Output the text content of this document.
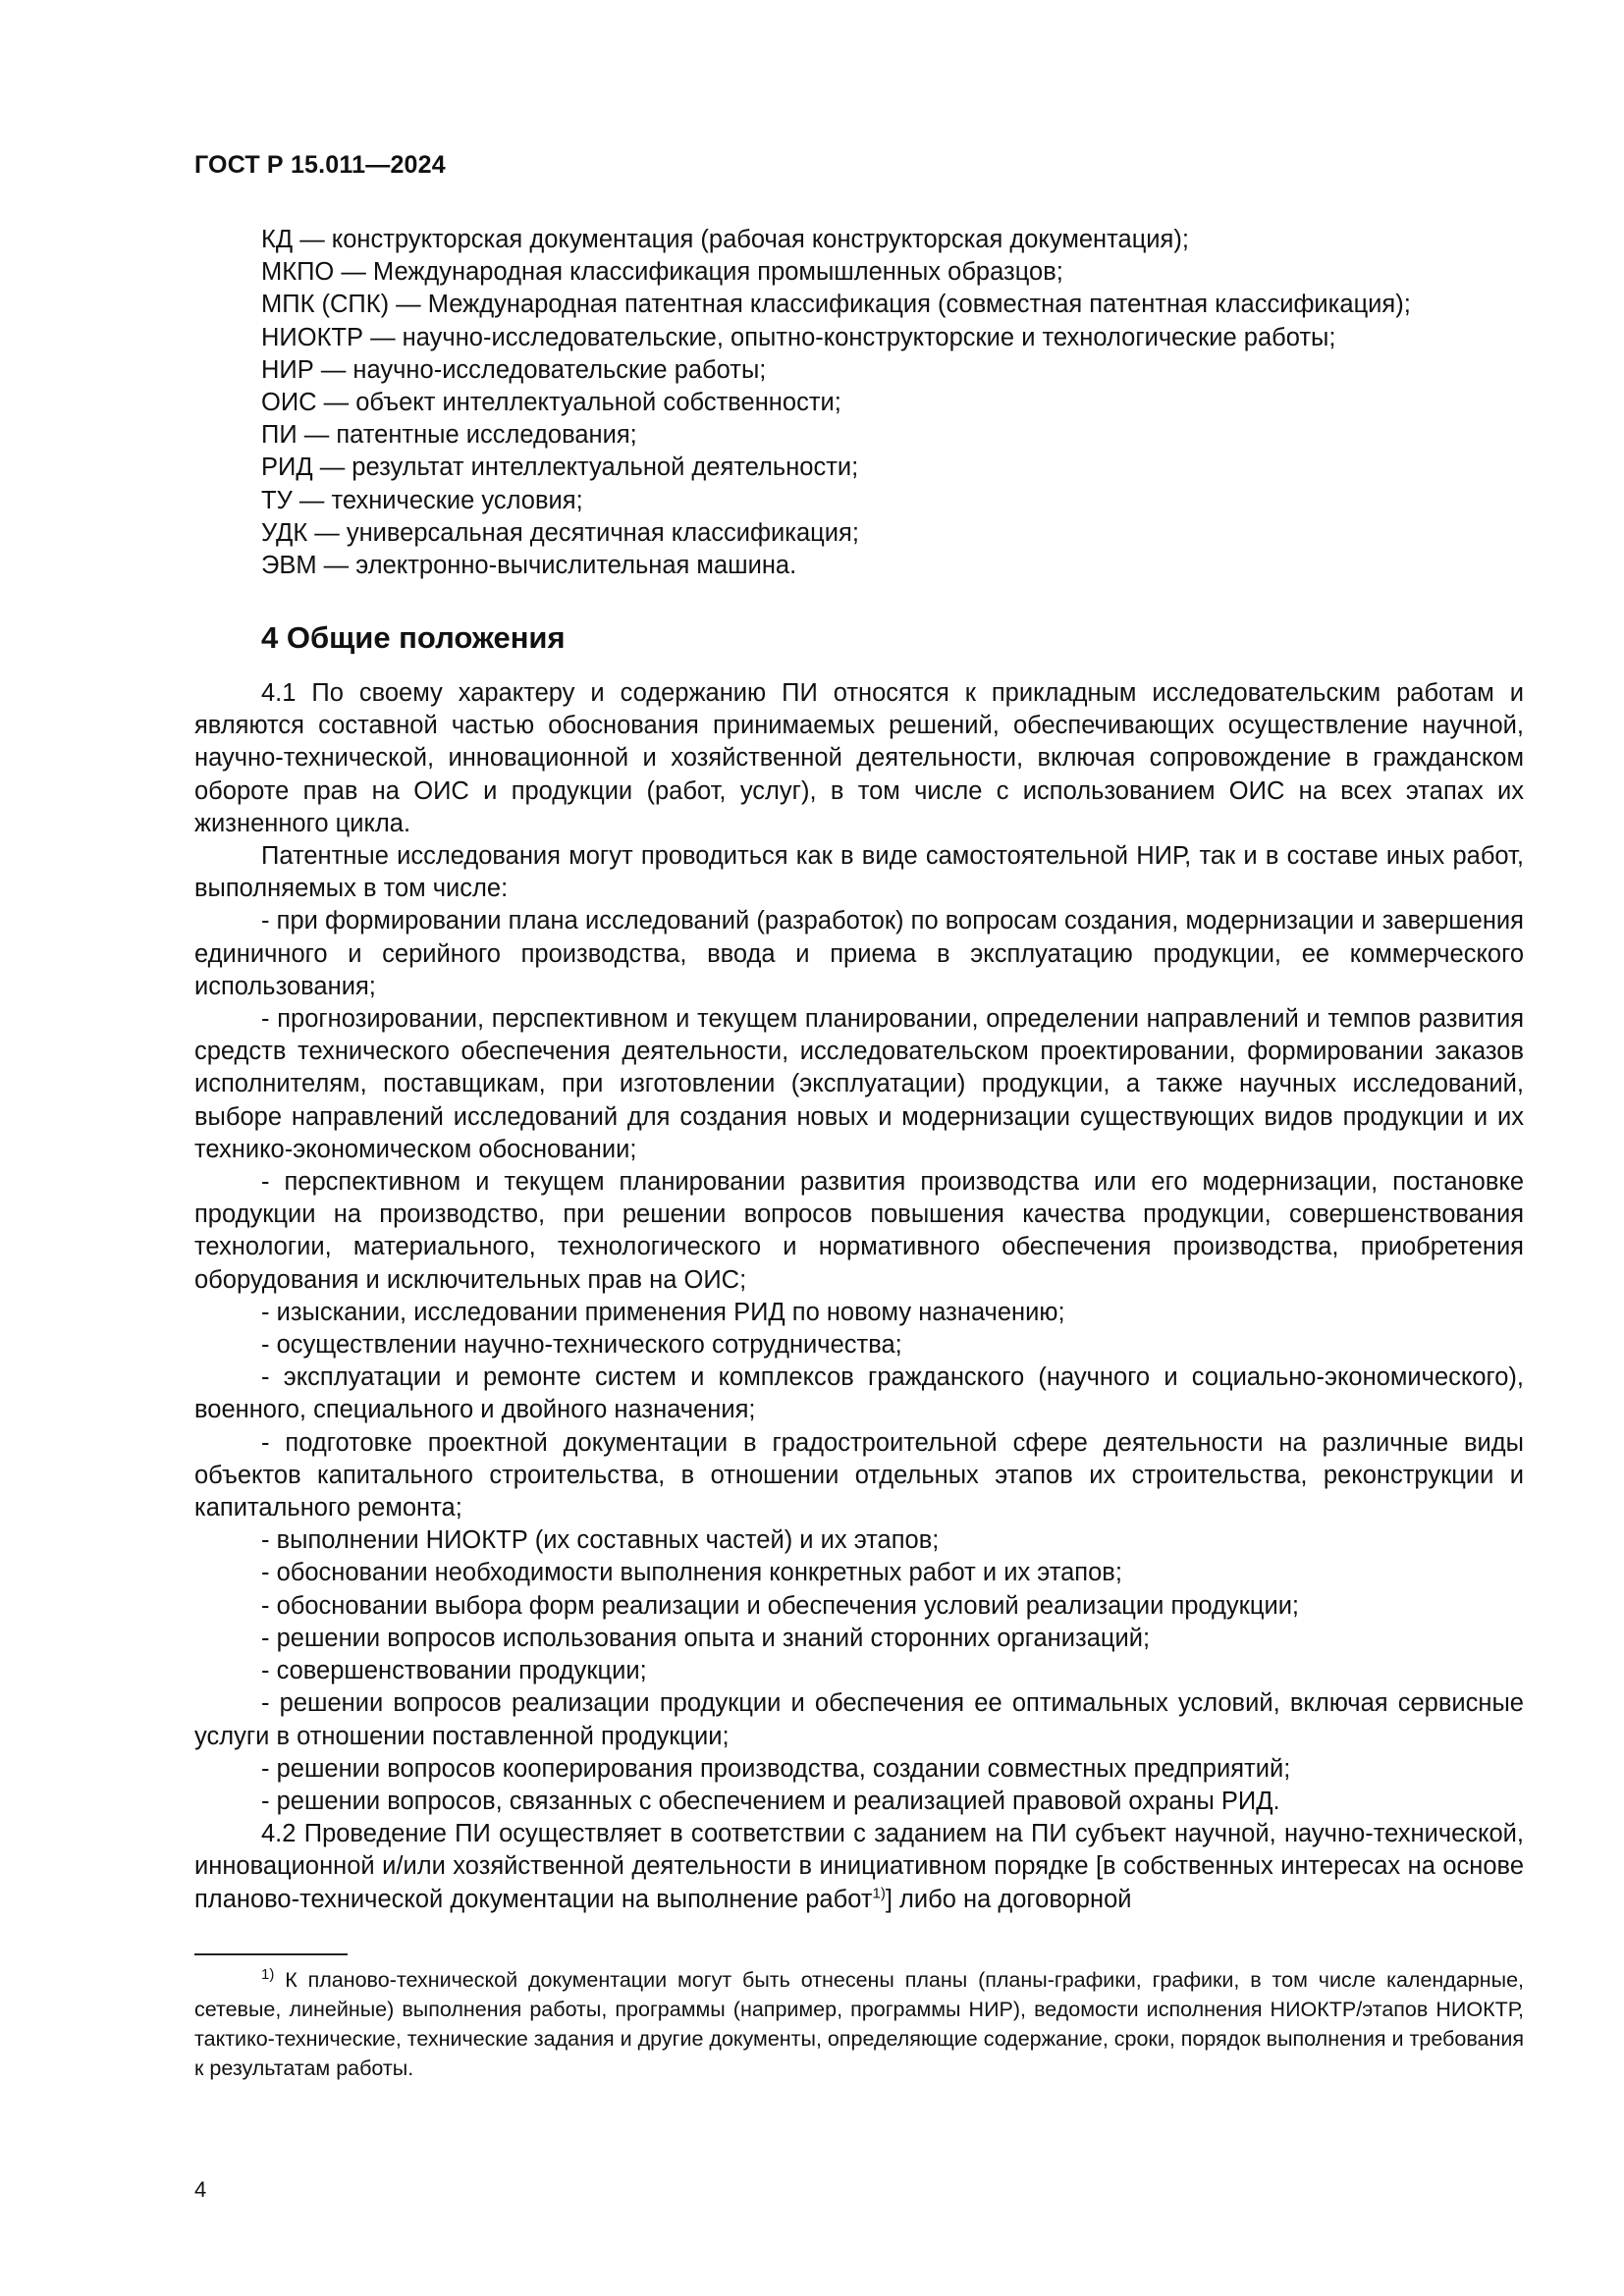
ГОСТ Р 15.011—2024
КД — конструкторская документация (рабочая конструкторская документация);
МКПО — Международная классификация промышленных образцов;
МПК (СПК) — Международная патентная классификация (совместная патентная классификация);
НИОКТР — научно-исследовательские, опытно-конструкторские и технологические работы;
НИР — научно-исследовательские работы;
ОИС — объект интеллектуальной собственности;
ПИ — патентные исследования;
РИД — результат интеллектуальной деятельности;
ТУ — технические условия;
УДК — универсальная десятичная классификация;
ЭВМ — электронно-вычислительная машина.
4 Общие положения

4.1 По своему характеру и содержанию ПИ относятся к прикладным исследовательским работам и являются составной частью обоснования принимаемых решений, обеспечивающих осуществление научной, научно-технической, инновационной и хозяйственной деятельности, включая сопровождение в гражданском обороте прав на ОИС и продукции (работ, услуг), в том числе с использованием ОИС на всех этапах их жизненного цикла.

Патентные исследования могут проводиться как в виде самостоятельной НИР, так и в составе иных работ, выполняемых в том числе:

- при формировании плана исследований (разработок) по вопросам создания, модернизации и завершения единичного и серийного производства, ввода и приема в эксплуатацию продукции, ее коммерческого использования;

- прогнозировании, перспективном и текущем планировании, определении направлений и темпов развития средств технического обеспечения деятельности, исследовательском проектировании, формировании заказов исполнителям, поставщикам, при изготовлении (эксплуатации) продукции, а также научных исследований, выборе направлений исследований для создания новых и модернизации существующих видов продукции и их технико-экономическом обосновании;

- перспективном и текущем планировании развития производства или его модернизации, постановке продукции на производство, при решении вопросов повышения качества продукции, совершенствования технологии, материального, технологического и нормативного обеспечения производства, приобретения оборудования и исключительных прав на ОИС;

- изыскании, исследовании применения РИД по новому назначению;

- осуществлении научно-технического сотрудничества;

- эксплуатации и ремонте систем и комплексов гражданского (научного и социально-экономического), военного, специального и двойного назначения;

- подготовке проектной документации в градостроительной сфере деятельности на различные виды объектов капитального строительства, в отношении отдельных этапов их строительства, реконструкции и капитального ремонта;

- выполнении НИОКТР (их составных частей) и их этапов;

- обосновании необходимости выполнения конкретных работ и их этапов;

- обосновании выбора форм реализации и обеспечения условий реализации продукции;

- решении вопросов использования опыта и знаний сторонних организаций;

- совершенствовании продукции;

- решении вопросов реализации продукции и обеспечения ее оптимальных условий, включая сервисные услуги в отношении поставленной продукции;

- решении вопросов кооперирования производства, создании совместных предприятий;

- решении вопросов, связанных с обеспечением и реализацией правовой охраны РИД.

4.2 Проведение ПИ осуществляет в соответствии с заданием на ПИ субъект научной, научно-технической, инновационной и/или хозяйственной деятельности в инициативном порядке [в собственных интересах на основе планово-технической документации на выполнение работ$^{1)}$] либо на договорной

$^{1)}$ К планово-технической документации могут быть отнесены планы (планы-графики, графики, в том числе календарные, сетевые, линейные) выполнения работы, программы (например, программы НИР), ведомости исполнения НИОКТР/этапов НИОКТР, тактико-технические, технические задания и другие документы, определяющие содержание, сроки, порядок выполнения и требования к результатам работы.
4
